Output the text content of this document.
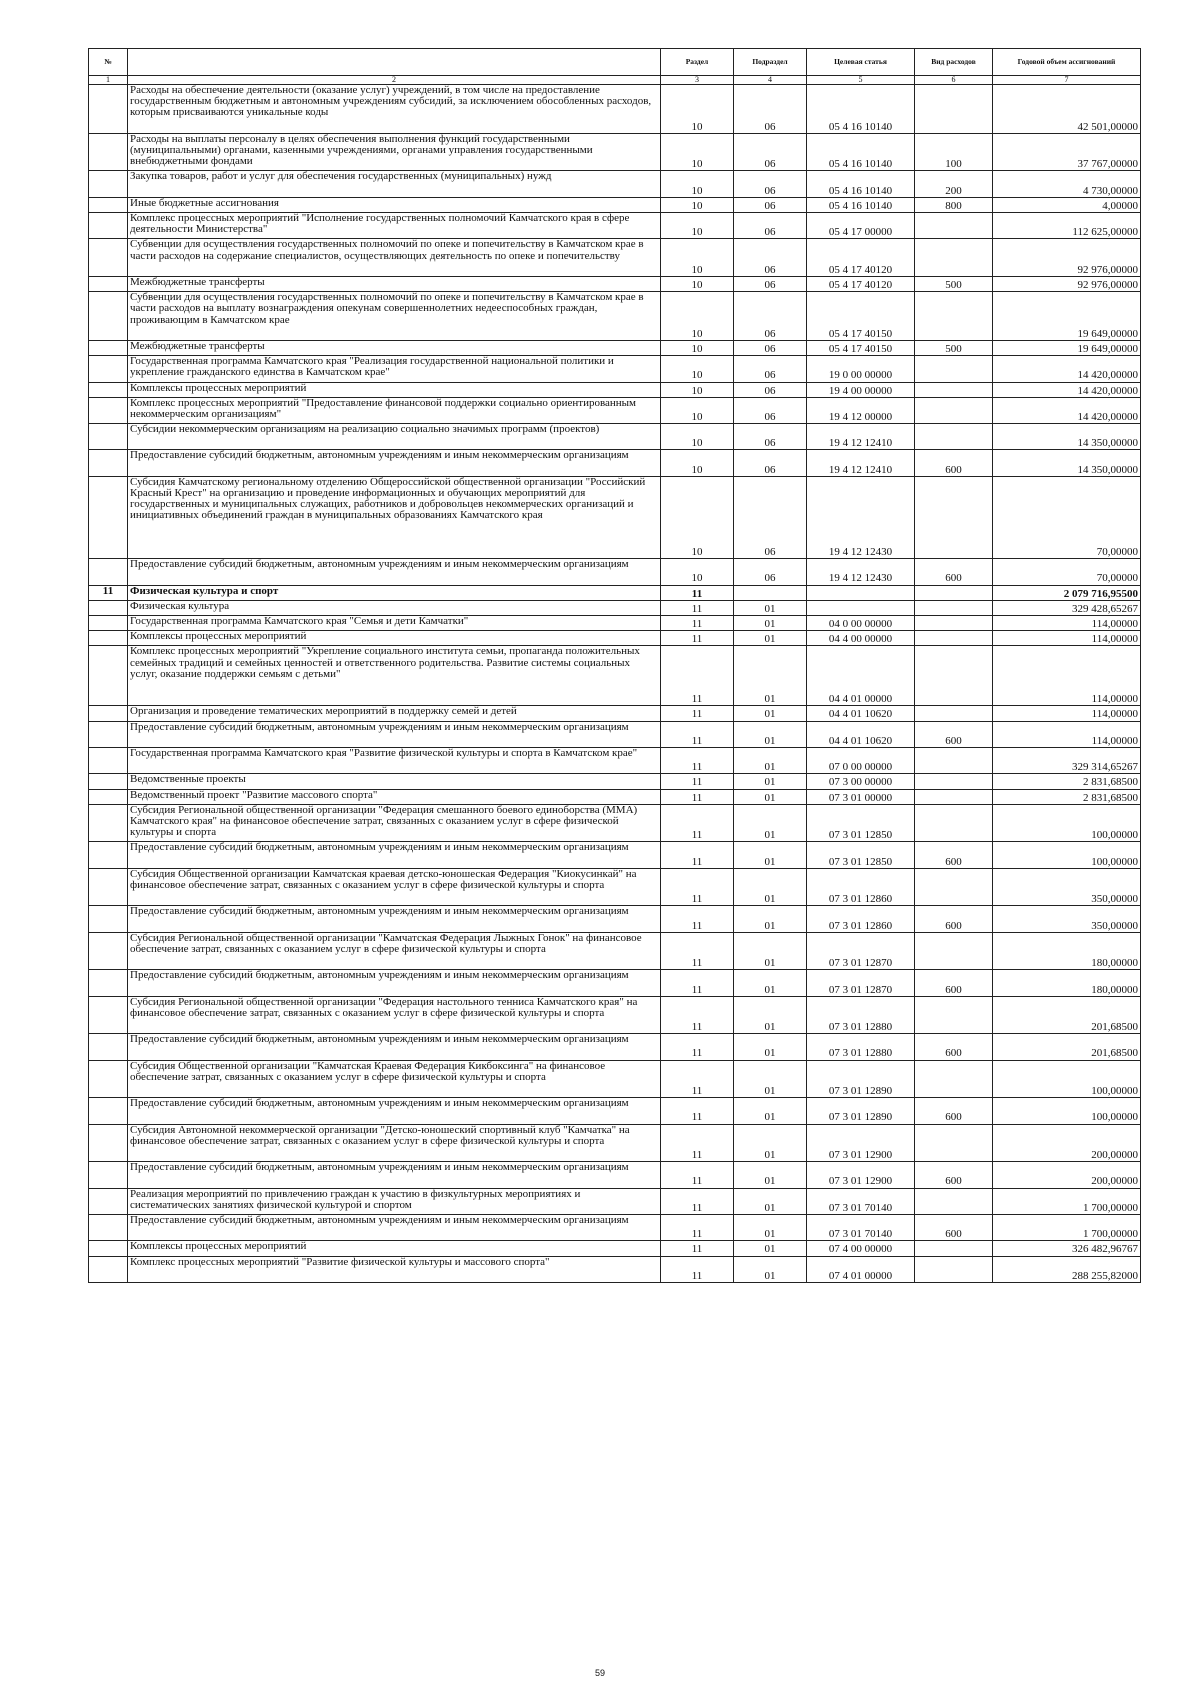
№		Раздел	Подраздел	Целевая статья	Вид расходов	Годовой объем ассигнований
1	2	3	4	5	6	7
	Расходы на обеспечение деятельности (оказание услуг) учреждений, в том числе на предоставление государственным бюджетным и автономным учреждениям субсидий, за исключением обособленных расходов, которым присваиваются уникальные коды	10	06	05 4 16 10140		42 501,00000
	Расходы на выплаты персоналу в целях обеспечения выполнения функций государственными (муниципальными) органами, казенными учреждениями, органами управления государственными внебюджетными фондами	10	06	05 4 16 10140	100	37 767,00000
	Закупка товаров, работ и услуг для обеспечения государственных (муниципальных) нужд	10	06	05 4 16 10140	200	4 730,00000
	Иные бюджетные ассигнования	10	06	05 4 16 10140	800	4,00000
	Комплекс процессных мероприятий "Исполнение государственных полномочий Камчатского края в сфере деятельности Министерства"	10	06	05 4 17 00000		112 625,00000
	Субвенции для осуществления государственных полномочий по опеке и попечительству в Камчатском крае в части расходов на содержание специалистов, осуществляющих деятельность по опеке и попечительству	10	06	05 4 17 40120		92 976,00000
	Межбюджетные трансферты	10	06	05 4 17 40120	500	92 976,00000
	Субвенции для осуществления государственных полномочий по опеке и попечительству в Камчатском крае в части расходов на выплату вознаграждения опекунам совершеннолетних недееспособных граждан, проживающим в Камчатском крае	10	06	05 4 17 40150		19 649,00000
	Межбюджетные трансферты	10	06	05 4 17 40150	500	19 649,00000
	Государственная программа Камчатского края "Реализация государственной национальной политики и укрепление гражданского единства в Камчатском крае"	10	06	19 0 00 00000		14 420,00000
	Комплексы процессных мероприятий	10	06	19 4 00 00000		14 420,00000
	Комплекс процессных мероприятий "Предоставление финансовой поддержки социально ориентированным некоммерческим организациям"	10	06	19 4 12 00000		14 420,00000
	Субсидии некоммерческим организациям на реализацию социально значимых программ (проектов)	10	06	19 4 12 12410		14 350,00000
	Предоставление субсидий бюджетным, автономным учреждениям и иным некоммерческим организациям	10	06	19 4 12 12410	600	14 350,00000
	Субсидия Камчатскому региональному отделению Общероссийской общественной организации "Российский Красный Крест" на организацию и проведение информационных и обучающих мероприятий для государственных и муниципальных служащих, работников и добровольцев некоммерческих организаций и инициативных объединений граждан в муниципальных образованиях Камчатского края	10	06	19 4 12 12430		70,00000
	Предоставление субсидий бюджетным, автономным учреждениям и иным некоммерческим организациям	10	06	19 4 12 12430	600	70,00000
11	Физическая культура и спорт	11				2 079 716,95500
	Физическая культура	11	01			329 428,65267
	Государственная программа Камчатского края "Семья и дети Камчатки"	11	01	04 0 00 00000		114,00000
	Комплексы процессных мероприятий	11	01	04 4 00 00000		114,00000
	Комплекс процессных мероприятий "Укрепление социального института семьи, пропаганда положительных семейных традиций и семейных ценностей и ответственного родительства. Развитие системы социальных услуг, оказание поддержки семьям с детьми"	11	01	04 4 01 00000		114,00000
	Организация и проведение тематических мероприятий в поддержку семей и детей	11	01	04 4 01 10620		114,00000
	Предоставление субсидий бюджетным, автономным учреждениям и иным некоммерческим организациям	11	01	04 4 01 10620	600	114,00000
	Государственная программа Камчатского края "Развитие физической культуры и спорта в Камчатском крае"	11	01	07 0 00 00000		329 314,65267
	Ведомственные проекты	11	01	07 3 00 00000		2 831,68500
	Ведомственный проект "Развитие массового спорта"	11	01	07 3 01 00000		2 831,68500
	Субсидия Региональной общественной организации "Федерация смешанного боевого единоборства (ММА) Камчатского края" на финансовое обеспечение затрат, связанных с оказанием услуг в сфере физической культуры и спорта	11	01	07 3 01 12850		100,00000
	Предоставление субсидий бюджетным, автономным учреждениям и иным некоммерческим организациям	11	01	07 3 01 12850	600	100,00000
	Субсидия Общественной организации Камчатская краевая детско-юношеская Федерация "Киокусинкай" на финансовое обеспечение затрат, связанных с оказанием услуг в сфере физической культуры и спорта	11	01	07 3 01 12860		350,00000
	Предоставление субсидий бюджетным, автономным учреждениям и иным некоммерческим организациям	11	01	07 3 01 12860	600	350,00000
	Субсидия Региональной общественной организации "Камчатская Федерация Лыжных Гонок" на финансовое обеспечение затрат, связанных с оказанием услуг в сфере физической культуры и спорта	11	01	07 3 01 12870		180,00000
	Предоставление субсидий бюджетным, автономным учреждениям и иным некоммерческим организациям	11	01	07 3 01 12870	600	180,00000
	Субсидия Региональной общественной организации "Федерация настольного тенниса Камчатского края" на финансовое обеспечение затрат, связанных с оказанием услуг в сфере физической культуры и спорта	11	01	07 3 01 12880		201,68500
	Предоставление субсидий бюджетным, автономным учреждениям и иным некоммерческим организациям	11	01	07 3 01 12880	600	201,68500
	Субсидия Общественной организации "Камчатская Краевая Федерация Кикбоксинга" на финансовое обеспечение затрат, связанных с оказанием услуг в сфере физической культуры и спорта	11	01	07 3 01 12890		100,00000
	Предоставление субсидий бюджетным, автономным учреждениям и иным некоммерческим организациям	11	01	07 3 01 12890	600	100,00000
	Субсидия Автономной некоммерческой организации "Детско-юношеский спортивный клуб "Камчатка" на финансовое обеспечение затрат, связанных с оказанием услуг в сфере физической культуры и спорта	11	01	07 3 01 12900		200,00000
	Предоставление субсидий бюджетным, автономным учреждениям и иным некоммерческим организациям	11	01	07 3 01 12900	600	200,00000
	Реализация мероприятий по привлечению граждан к участию в физкультурных мероприятиях и систематических занятиях физической культурой и спортом	11	01	07 3 01 70140		1 700,00000
	Предоставление субсидий бюджетным, автономным учреждениям и иным некоммерческим организациям	11	01	07 3 01 70140	600	1 700,00000
	Комплексы процессных мероприятий	11	01	07 4 00 00000		326 482,96767
	Комплекс процессных мероприятий "Развитие физической культуры и массового спорта"	11	01	07 4 01 00000		288 255,82000
59
